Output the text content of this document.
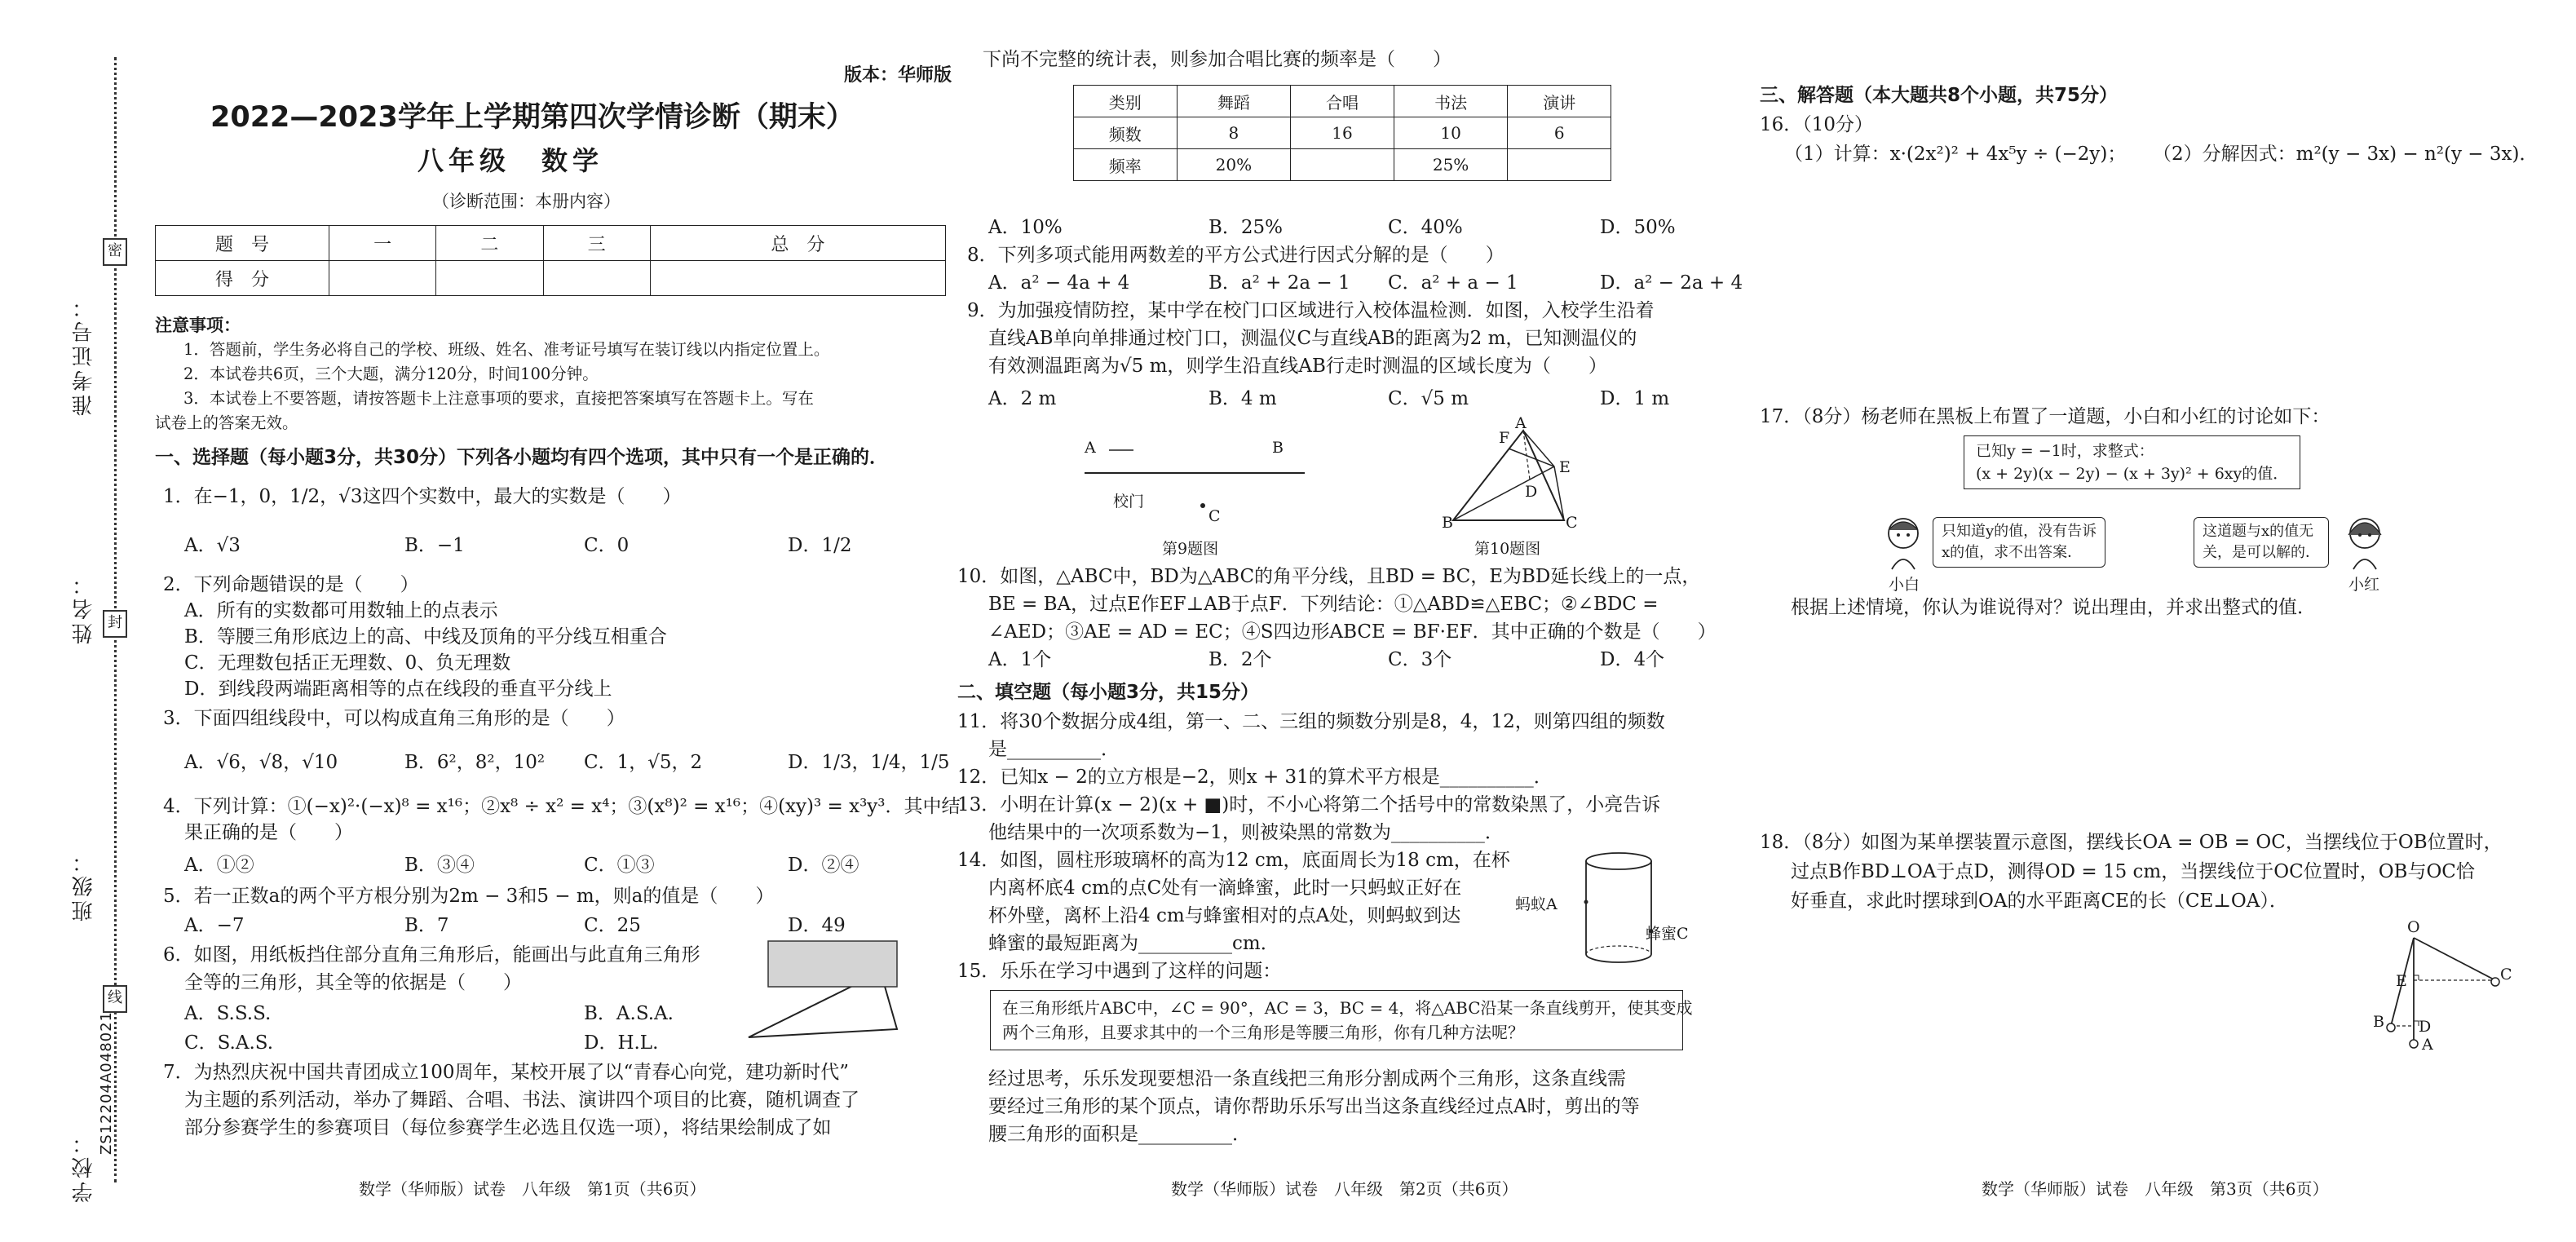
密
封
线
准考证号：
姓名：
班级：
学校：
ZS12204A048021
版本：华师版
2022—2023学年上学期第四次学情诊断（期末）
八年级　数学
（诊断范围：本册内容）
题　号	一	二	三	总　分
得　分				
注意事项：
1．答题前，学生务必将自己的学校、班级、姓名、准考证号填写在装订线以内指定位置上。
2．本试卷共6页，三个大题，满分120分，时间100分钟。
3．本试卷上不要答题，请按答题卡上注意事项的要求，直接把答案填写在答题卡上。写在
试卷上的答案无效。
一、选择题（每小题3分，共30分）下列各小题均有四个选项，其中只有一个是正确的．
1．在−1，0，1/2，√3这四个实数中，最大的实数是（　　）
A．√3	B．−1	C．0	D．1/2
2．下列命题错误的是（　　）
A．所有的实数都可用数轴上的点表示
B．等腰三角形底边上的高、中线及顶角的平分线互相重合
C．无理数包括正无理数、0、负无理数
D．到线段两端距离相等的点在线段的垂直平分线上
3．下面四组线段中，可以构成直角三角形的是（　　）
A．√6，√8，√10	B．6²，8²，10² C．1，√5，2	D．1/3，1/4，1/5
4．下列计算：①(−x)²·(−x)⁸ = x¹⁶；②x⁸ ÷ x² = x⁴；③(x⁸)² = x¹⁶；④(xy)³ = x³y³．其中结
果正确的是（　　）
A．①②	B．③④	C．①③	D．②④
5．若一正数a的两个平方根分别为2m − 3和5 − m，则a的值是（　　）
A．−7	B．7	C．25	D．49
6．如图，用纸板挡住部分直角三角形后，能画出与此直角三角形
全等的三角形，其全等的依据是（　　）
A．S.S.S.	B．A.S.A.
C．S.A.S.	D．H.L.
7．为热烈庆祝中国共青团成立100周年，某校开展了以“青春心向党，建功新时代”
为主题的系列活动，举办了舞蹈、合唱、书法、演讲四个项目的比赛，随机调查了
部分参赛学生的参赛项目（每位参赛学生必选且仅选一项），将结果绘制成了如
数学（华师版）试卷　八年级　第1页（共6页）
下尚不完整的统计表，则参加合唱比赛的频率是（　　）
类别	舞蹈	合唱	书法	演讲
频数	8	16	10	6
频率	20%		25%	
A．10%	B．25%	C．40%	D．50%
8．下列多项式能用两数差的平方公式进行因式分解的是（　　）
A．a² − 4a + 4	B．a² + 2a − 1 C．a² + a − 1	D．a² − 2a + 4
9．为加强疫情防控，某中学在校门口区域进行入校体温检测．如图，入校学生沿着
直线AB单向单排通过校门口，测温仪C与直线AB的距离为2 m，已知测温仪的
有效测温距离为√5 m，则学生沿直线AB行走时测温的区域长度为（　　）
A．2 m	B．4 m	C．√5 m	D．1 m
A	B
校门
C
第9题图
A
F
E
D
B	C
第10题图
10．如图，△ABC中，BD为△ABC的角平分线，且BD = BC，E为BD延长线上的一点，
BE = BA，过点E作EF⊥AB于点F．下列结论：①△ABD≌△EBC；②∠BDC =
∠AED；③AE = AD = EC；④S四边形ABCE = BF·EF．其中正确的个数是（　　）
A．1个	B．2个	C．3个	D．4个
二、填空题（每小题3分，共15分）
11．将30个数据分成4组，第一、二、三组的频数分别是8，4，12，则第四组的频数
是__________．
12．已知x − 2的立方根是−2，则x + 31的算术平方根是__________．
13．小明在计算(x − 2)(x + ■)时，不小心将第二个括号中的常数染黑了，小亮告诉
他结果中的一次项系数为−1，则被染黑的常数为__________．
14．如图，圆柱形玻璃杯的高为12 cm，底面周长为18 cm，在杯
内离杯底4 cm的点C处有一滴蜂蜜，此时一只蚂蚁正好在
杯外壁，离杯上沿4 cm与蜂蜜相对的点A处，则蚂蚁到达
蜂蜜的最短距离为__________cm．
蚂蚁A
蜂蜜C
15．乐乐在学习中遇到了这样的问题：
在三角形纸片ABC中，∠C = 90°，AC = 3，BC = 4，将△ABC沿某一条直线剪开，使其变成
两个三角形，且要求其中的一个三角形是等腰三角形，你有几种方法呢？
经过思考，乐乐发现要想沿一条直线把三角形分割成两个三角形，这条直线需
要经过三角形的某个顶点，请你帮助乐乐写出当这条直线经过点A时，剪出的等
腰三角形的面积是__________．
数学（华师版）试卷　八年级　第2页（共6页）
三、解答题（本大题共8个小题，共75分）
16．（10分）
（1）计算：x·(2x²)² + 4x⁵y ÷ (−2y)； （2）分解因式：m²(y − 3x) − n²(y − 3x)．
17．（8分）杨老师在黑板上布置了一道题，小白和小红的讨论如下：
已知y = −1时，求整式：
(x + 2y)(x − 2y) − (x + 3y)² + 6xy的值．
只知道y的值，没有告诉
x的值，求不出答案．
这道题与x的值无
关，是可以解的．
小白	小红
根据上述情境，你认为谁说得对？说出理由，并求出整式的值．
18．（8分）如图为某单摆装置示意图，摆线长OA = OB = OC，当摆线位于OB位置时，
过点B作BD⊥OA于点D，测得OD = 15 cm，当摆线位于OC位置时，OB与OC恰
好垂直，求此时摆球到OA的水平距离CE的长（CE⊥OA）．
O
E	C
B D
A
数学（华师版）试卷　八年级　第3页（共6页）
